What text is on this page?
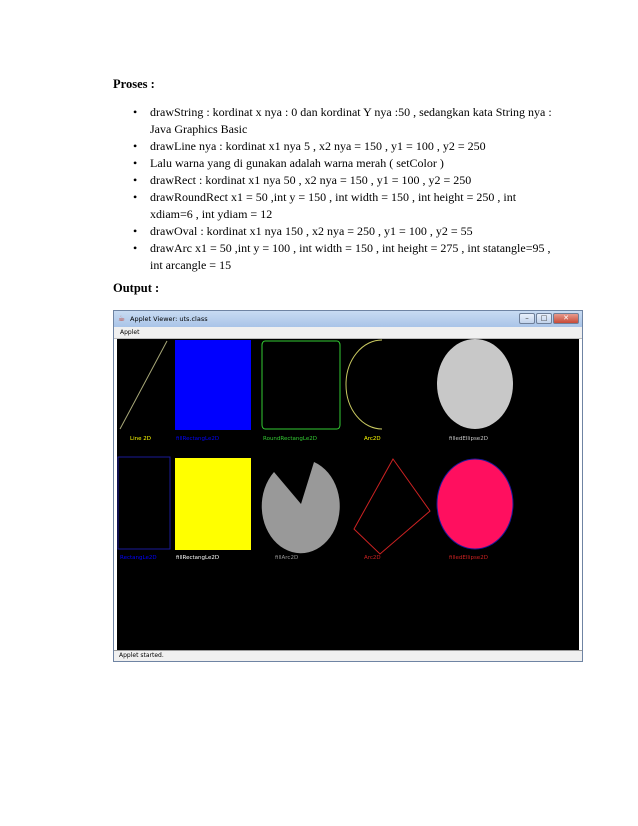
Proses :
• drawString : kordinat x nya : 0 dan kordinat Y nya :50 , sedangkan kata String nya : Java Graphics Basic
• drawLine nya : kordinat x1 nya 5 , x2 nya = 150 , y1 = 100 , y2 = 250
• Lalu warna yang di gunakan adalah warna merah ( setColor )
• drawRect : kordinat x1 nya 50 , x2 nya = 150 , y1 = 100 , y2 = 250
• drawRoundRect x1 = 50 ,int y = 150 , int width = 150 , int height = 250 , int xdiam=6 , int ydiam = 12
• drawOval : kordinat x1 nya 150 , x2 nya = 250 , y1 = 100 , y2 = 55
• drawArc x1 = 50 ,int y = 100 , int width = 150 , int height = 275 , int statangle=95 , int arcangle = 15
Output :
☕ Applet Viewer: uts.class	–	□	✕
Applet
Line 2D	fillRectangLe2D	RoundRectangLe2D	Arc2D	filledEllipse2D
RectangLe2D	fillRectangLe2D	fillArc2D	Arc2D	filledEllipse2D
Applet started.
